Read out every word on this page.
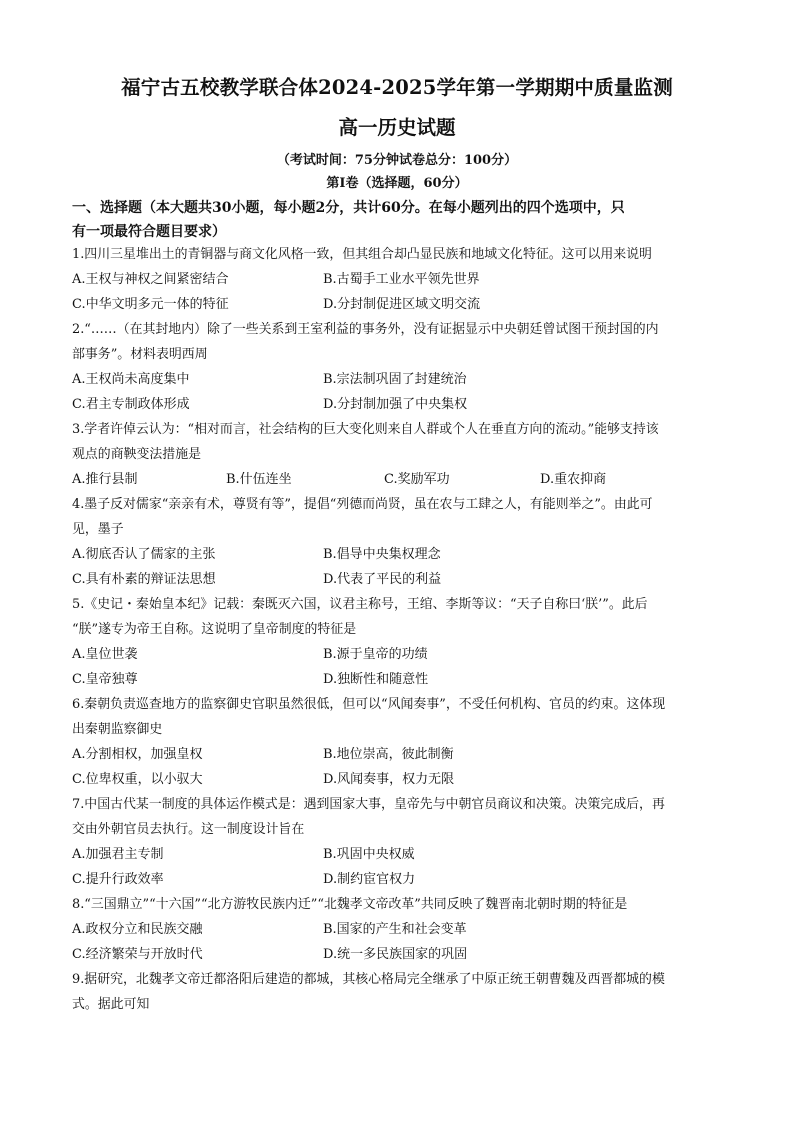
福宁古五校教学联合体2024-2025学年第一学期期中质量监测
高一历史试题
（考试时间：75分钟试卷总分：100分）
第Ⅰ卷（选择题，60分）
一、选择题（本大题共30小题，每小题2分，共计60分。在每小题列出的四个选项中，只
有一项最符合题目要求）
1.四川三星堆出土的青铜器与商文化风格一致，但其组合却凸显民族和地域文化特征。这可以用来说明
A.王权与神权之间紧密结合	B.古蜀手工业水平领先世界
C.中华文明多元一体的特征	D.分封制促进区域文明交流
2.“……（在其封地内）除了一些关系到王室利益的事务外，没有证据显示中央朝廷曾试图干预封国的内
部事务”。材料表明西周
A.王权尚未高度集中	B.宗法制巩固了封建统治
C.君主专制政体形成	D.分封制加强了中央集权
3.学者许倬云认为：“相对而言，社会结构的巨大变化则来自人群或个人在垂直方向的流动。”能够支持该
观点的商鞅变法措施是
A.推行县制	B.什伍连坐	C.奖励军功	D.重农抑商
4.墨子反对儒家“亲亲有术，尊贤有等”，提倡“列德而尚贤，虽在农与工肆之人，有能则举之”。由此可
见，墨子
A.彻底否认了儒家的主张	B.倡导中央集权理念
C.具有朴素的辩证法思想	D.代表了平民的利益
5.《史记・秦始皇本纪》记载：秦既灭六国，议君主称号，王绾、李斯等议：“天子自称曰‘朕’”。此后
“朕”遂专为帝王自称。这说明了皇帝制度的特征是
A.皇位世袭	B.源于皇帝的功绩
C.皇帝独尊	D.独断性和随意性
6.秦朝负责巡查地方的监察御史官职虽然很低，但可以“风闻奏事”，不受任何机构、官员的约束。这体现
出秦朝监察御史
A.分割相权，加强皇权	B.地位崇高，彼此制衡
C.位卑权重，以小驭大	D.风闻奏事，权力无限
7.中国古代某一制度的具体运作模式是：遇到国家大事，皇帝先与中朝官员商议和决策。决策完成后，再
交由外朝官员去执行。这一制度设计旨在
A.加强君主专制	B.巩固中央权威
C.提升行政效率	D.制约宦官权力
8.“三国鼎立”“十六国”“北方游牧民族内迁”“北魏孝文帝改革”共同反映了魏晋南北朝时期的特征是
A.政权分立和民族交融	B.国家的产生和社会变革
C.经济繁荣与开放时代	D.统一多民族国家的巩固
9.据研究，北魏孝文帝迁都洛阳后建造的都城，其核心格局完全继承了中原正统王朝曹魏及西晋都城的模
式。据此可知
